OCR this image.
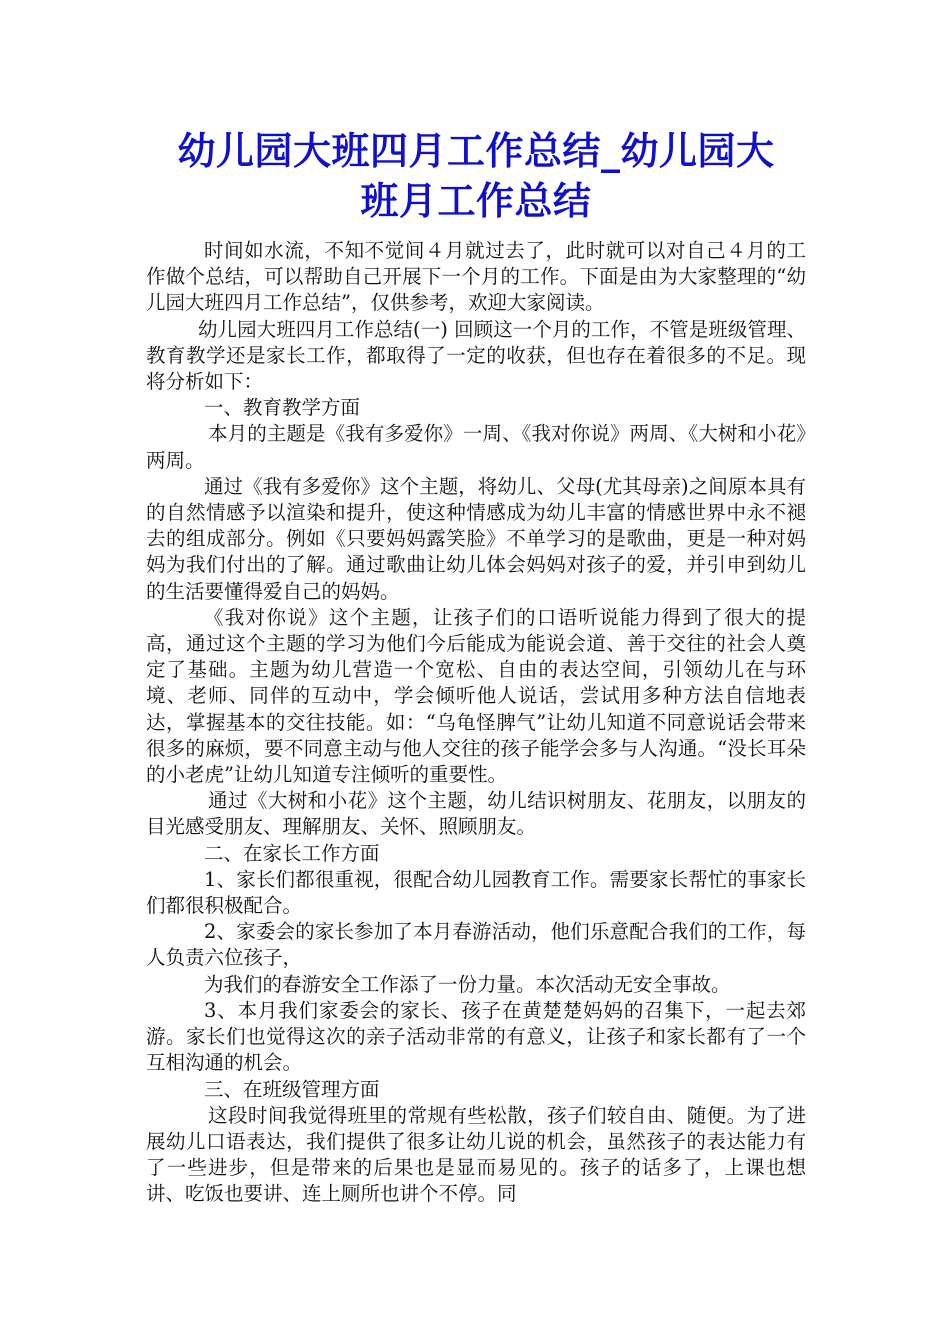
幼儿园大班四月工作总结_幼儿园大
班月工作总结

时间如水流，不知不觉间４月就过去了，此时就可以对自己４月的工作做个总结，可以帮助自己开展下一个月的工作。下面是由为大家整理的“幼儿园大班四月工作总结”，仅供参考，欢迎大家阅读。

幼儿园大班四月工作总结(一) 回顾这一个月的工作，不管是班级管理、教育教学还是家长工作，都取得了一定的收获，但也存在着很多的不足。现将分析如下：

一、教育教学方面

本月的主题是《我有多爱你》一周、《我对你说》两周、《大树和小花》两周。

通过《我有多爱你》这个主题，将幼儿、父母(尤其母亲)之间原本具有的自然情感予以渲染和提升，使这种情感成为幼儿丰富的情感世界中永不褪去的组成部分。例如《只要妈妈露笑脸》不单学习的是歌曲，更是一种对妈妈为我们付出的了解。通过歌曲让幼儿体会妈妈对孩子的爱，并引申到幼儿的生活要懂得爱自己的妈妈。

《我对你说》这个主题，让孩子们的口语听说能力得到了很大的提高，通过这个主题的学习为他们今后能成为能说会道、善于交往的社会人奠定了基础。主题为幼儿营造一个宽松、自由的表达空间，引领幼儿在与环境、老师、同伴的互动中，学会倾听他人说话，尝试用多种方法自信地表达，掌握基本的交往技能。如：“乌龟怪脾气”让幼儿知道不同意说话会带来很多的麻烦，要不同意主动与他人交往的孩子能学会多与人沟通。“没长耳朵的小老虎”让幼儿知道专注倾听的重要性。

通过《大树和小花》这个主题，幼儿结识树朋友、花朋友，以朋友的目光感受朋友、理解朋友、关怀、照顾朋友。

二、在家长工作方面

1、家长们都很重视，很配合幼儿园教育工作。需要家长帮忙的事家长们都很积极配合。

2、家委会的家长参加了本月春游活动，他们乐意配合我们的工作，每人负责六位孩子，

为我们的春游安全工作添了一份力量。本次活动无安全事故。

3、本月我们家委会的家长、孩子在黄楚楚妈妈的召集下，一起去郊游。家长们也觉得这次的亲子活动非常的有意义，让孩子和家长都有了一个互相沟通的机会。

三、在班级管理方面

这段时间我觉得班里的常规有些松散，孩子们较自由、随便。为了进展幼儿口语表达，我们提供了很多让幼儿说的机会，虽然孩子的表达能力有了一些进步，但是带来的后果也是显而易见的。孩子的话多了，上课也想讲、吃饭也要讲、连上厕所也讲个不停。同
